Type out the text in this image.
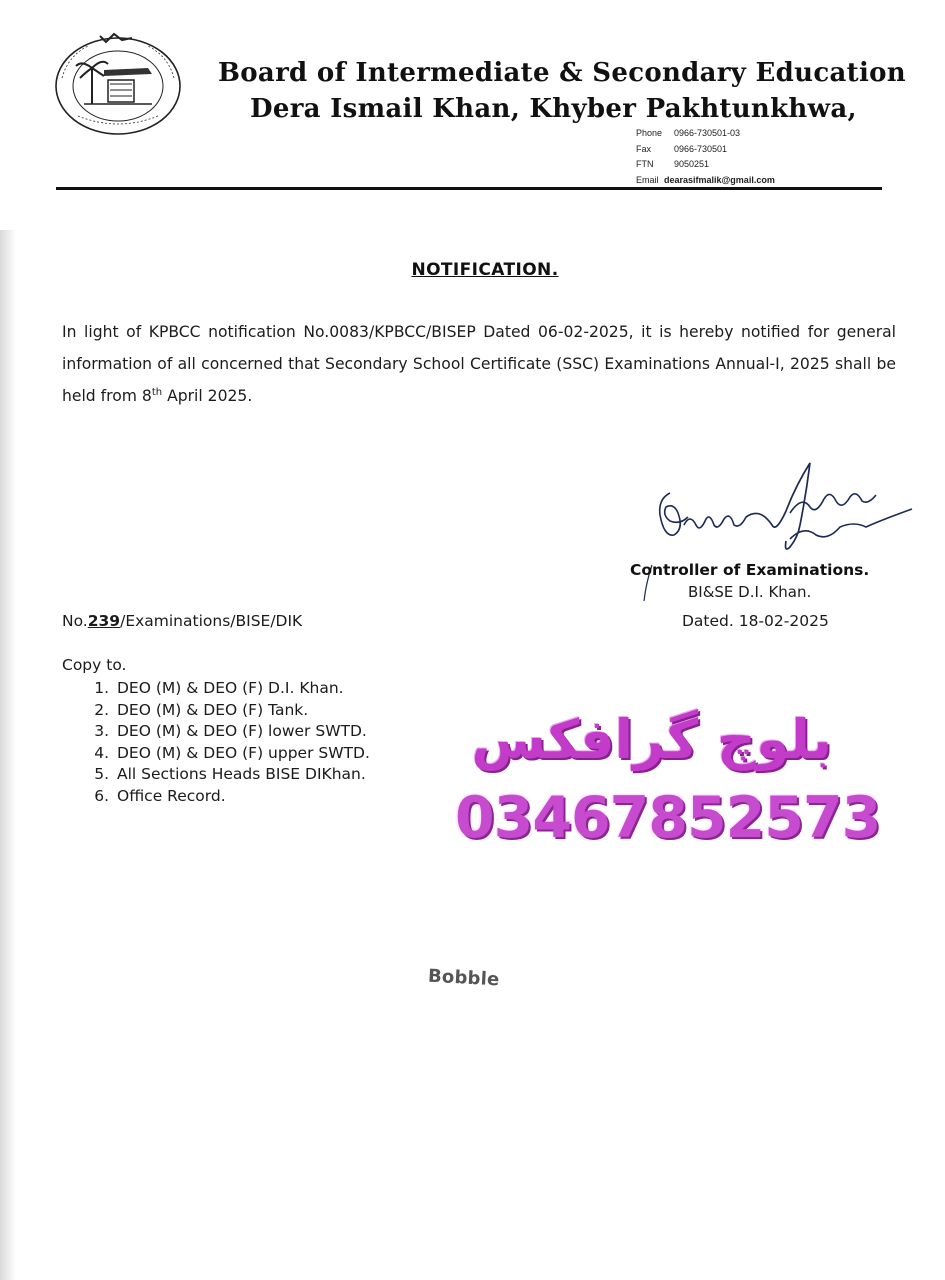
Board of Intermediate & Secondary Education
Dera Ismail Khan, Khyber Pakhtunkhwa,
Phone	0966-730501-03
Fax	0966-730501
FTN	9050251
Email dearasifmalik@gmail.com
NOTIFICATION.
In light of KPBCC notification No.0083/KPBCC/BISEP Dated 06-02-2025, it is hereby notified for general information of all concerned that Secondary School Certificate (SSC) Examinations Annual-I, 2025 shall be held from 8th April 2025.
Controller of Examinations.
BI&SE D.I. Khan.
No.239/Examinations/BISE/DIK	Dated. 18-02-2025
Copy to.
1. DEO (M) & DEO (F) D.I. Khan.
2. DEO (M) & DEO (F) Tank.
3. DEO (M) & DEO (F) lower SWTD.
4. DEO (M) & DEO (F) upper SWTD.
5. All Sections Heads BISE DIKhan.
6. Office Record.
بلوچ گرافکس
03467852573
Bobble
